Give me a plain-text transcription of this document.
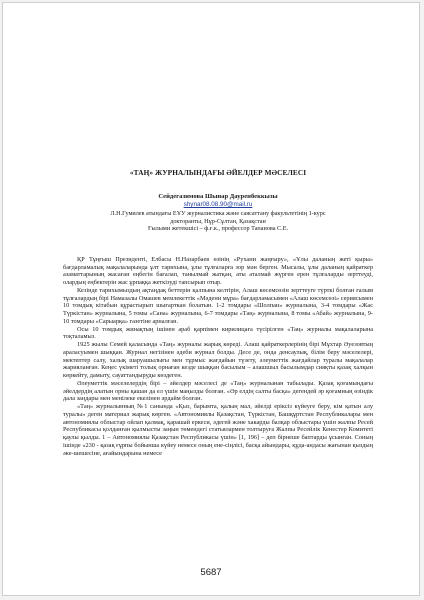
«ТАҢ» ЖУРНАЛЫНДАҒЫ ӘЙЕЛДЕР МӘСЕЛЕСІ

Сейдегазимова Шынар Дауренбеккызы

shynar08.08.90@mail.ru

Л.Н.Гумилев атындағы ЕҰУ журналистика және саясаттану факультетінің 1-курс

докторанты, Нұр-Сұлтан, Қазақстан

Ғылыми жетекшісі – ф.ғ.к., профессор Тапанова С.Е.

ҚР Тұңғыш Президенті, Елбасы Н.Назарбаев өзінің «Рухани жаңғыру», «Ұлы даланың жеті қыры» бағдарламалық мақалаларында ұлт тарихына, ұлы тұлғаларға зор мән берген. Мысалы, ұлы даланың қайраткер азаматтарының жасаған еңбегін бағалап, танылмай жатқан, аты аталмай жүрген ерен тұлғаларды зерттеуді, олардың еңбектерін жас ұрпаққа жеткізуді тапсырып отыр.

Кезінде тарихымыздың ақтаңдақ беттерін қалпына келтірін, Алаш көсемсөзін зерттеуге түрткі болған ғалым тұлғалардың бірі Намазалы Омашев мемлекеттік «Мәдени мұра» бағдарламасымен «Алаш көсемсөзі» сериясымен 10 томдық кітабын құрастырып шығарткан болатын. 1-2 томдары «Шолпан» журналына, 3-4 томдары «Жас Түркістан» журналына, 5 томы «Сана» журналына, 6-7 томдары «Таң» журналына, 8 томы «Абай» журналына, 9-10 томдары «Сарыарқа» газетіне арналған.

Осы 10 томдық жинақтың ішінен араб қарпімен кирилицаға түсірілген «Таң» журналы мақалаларына тоқталамыз.

1925 жылы Семей қаласында «Таң» журналы жарық көреді. Алаш қайраткерлерінің бірі Мұхтар Әуезовтың араласуымен шыққан. Журнал негізінен әдеби журнал болды. Десе де, онда денсаулық, білім беру мәселелері, мектептер салу, халық шаруашылығы мен тұрмыс жағдайын түзету, әлеуметтік жағдайлар туралы мақалалар жарияланған. Кеңес үкіметі толық орнаған кезде шыққан басылым – алашшыл басылымдар сияқты қазақ халқын көркейту, дамыту, сауаттандыруды көздеген.

Әлеуметтік мәселелердің бірі – әйелдер мәселесі де «Таң» журналынан табылады. Қазақ қоғамындағы әйелдердің алатын орны қашан да ел үшін маңызды болған. «Әр елдің салты басқа» дегендей әр қоғамның өзіндік дала заңдары мен менілеке екелінен әрдайм болған.

«Таң» журналынның №1 санында «Қыз, барымта, қалың мал, әйелді еріксіз күйеуге беру, кім қатын алу туралы» деген материал жарық көрген. «Автономиялы Қазақстан, Түркістан, Башқұртстан Республикалары мен автономиялы облыстар ойлап қалмақ, қарашай еркеси, әдегей және хакарды балқар облыстары үшін жалпы Ресей Республикасы қолданған қылмысты заңын төмендегі статьялармен толтыруға Жалпы Ресейлік Кенестер Комитеті қаулы қылды. 1 – Автономиялы Қазақстан Республикасы үшін» [1, 196] – деп бірнеше баптарды ұсынған. Соның ішінде «230 - қазақ ғұрпы бойынша күйеу немесе оның ене-сіңлісі, басқа айындары, құда-андасы жағынан қыздың әке-шешесіне, ағайындарына немесе

5687
